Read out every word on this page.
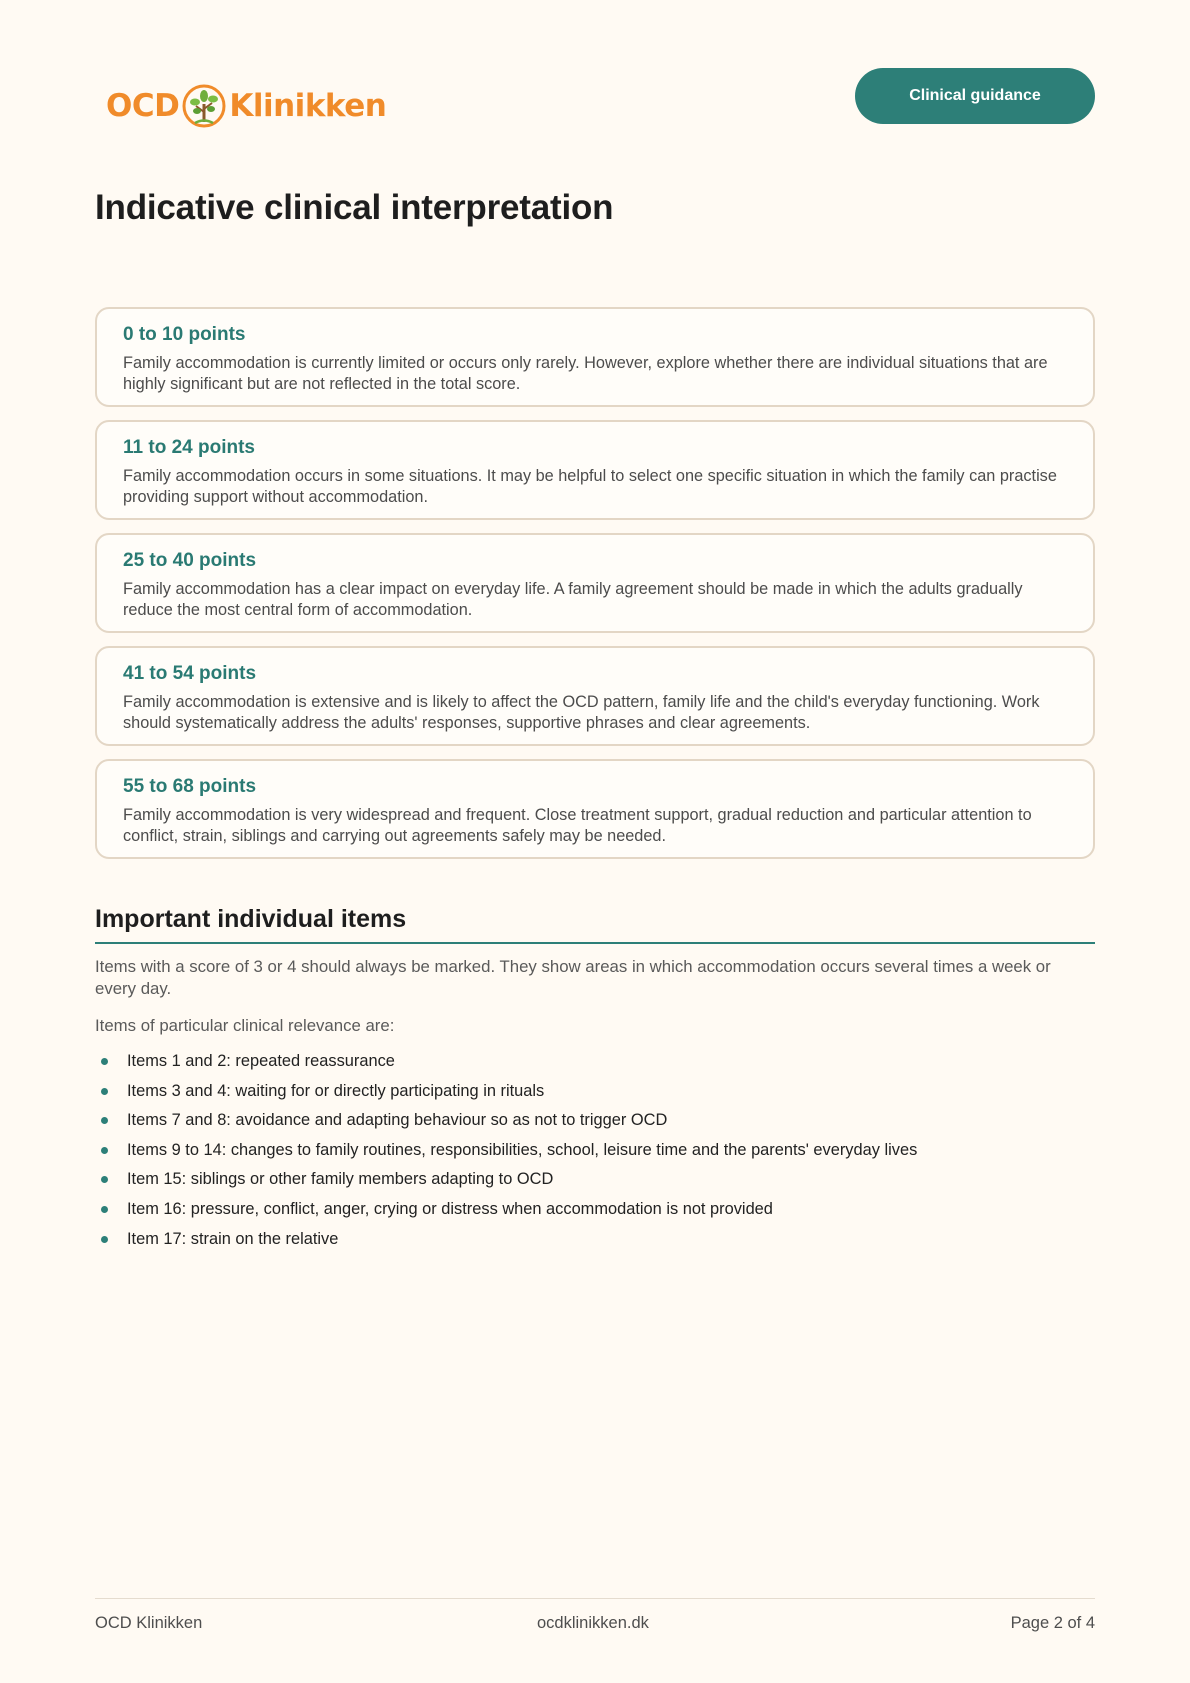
OCD Klinikken	Clinical guidance
Indicative clinical interpretation

0 to 10 points

Family accommodation is currently limited or occurs only rarely. However, explore whether there are individual situations that are highly significant but are not reflected in the total score.

11 to 24 points

Family accommodation occurs in some situations. It may be helpful to select one specific situation in which the family can practise providing support without accommodation.

25 to 40 points

Family accommodation has a clear impact on everyday life. A family agreement should be made in which the adults gradually reduce the most central form of accommodation.

41 to 54 points

Family accommodation is extensive and is likely to affect the OCD pattern, family life and the child's everyday functioning. Work should systematically address the adults' responses, supportive phrases and clear agreements.

55 to 68 points

Family accommodation is very widespread and frequent. Close treatment support, gradual reduction and particular attention to conflict, strain, siblings and carrying out agreements safely may be needed.

Important individual items

Items with a score of 3 or 4 should always be marked. They show areas in which accommodation occurs several times a week or every day.

Items of particular clinical relevance are:

Items 1 and 2: repeated reassurance
Items 3 and 4: waiting for or directly participating in rituals
Items 7 and 8: avoidance and adapting behaviour so as not to trigger OCD
Items 9 to 14: changes to family routines, responsibilities, school, leisure time and the parents' everyday lives
Item 15: siblings or other family members adapting to OCD
Item 16: pressure, conflict, anger, crying or distress when accommodation is not provided
Item 17: strain on the relative
OCD Klinikken	ocdklinikken.dk	Page 2 of 4
